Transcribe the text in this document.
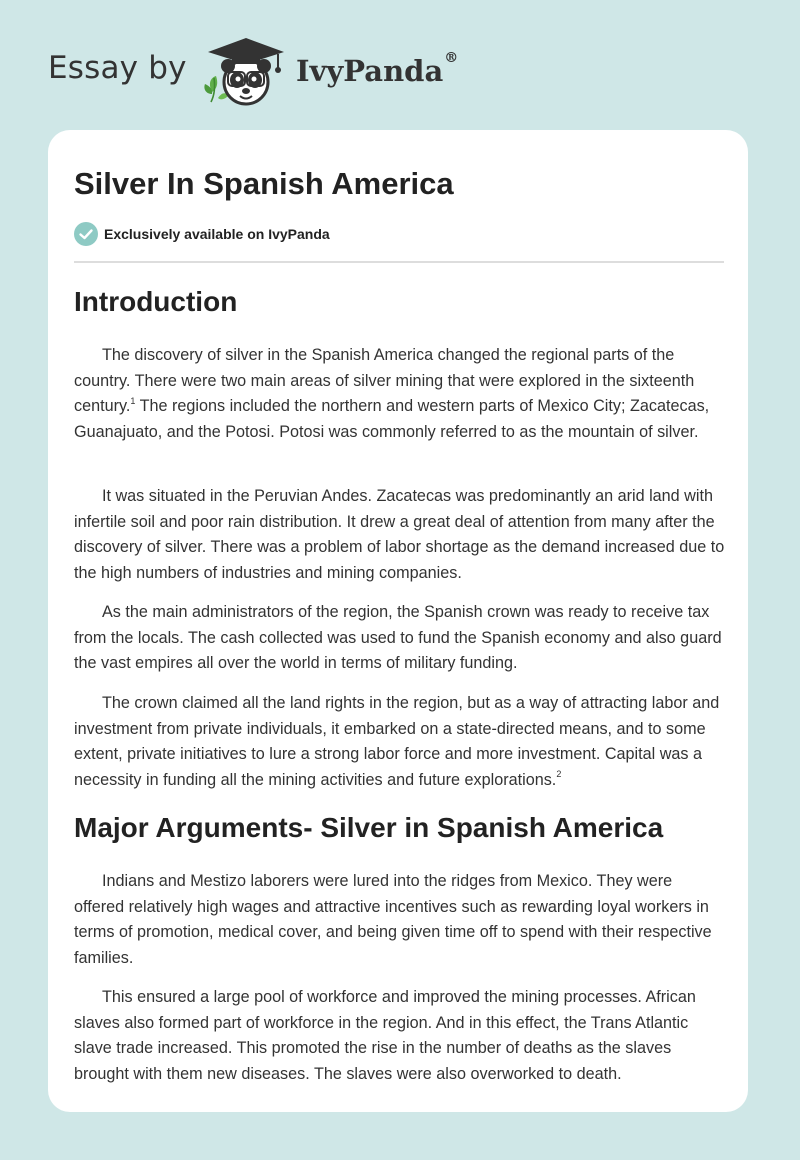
Essay by	IvyPanda®
Silver In Spanish America
Exclusively available on IvyPanda
Introduction

The discovery of silver in the Spanish America changed the regional parts of the country. There were two main areas of silver mining that were explored in the sixteenth century.$^1$ The regions included the northern and western parts of Mexico City; Zacatecas, Guanajuato, and the Potosi. Potosi was commonly referred to as the mountain of silver.

It was situated in the Peruvian Andes. Zacatecas was predominantly an arid land with infertile soil and poor rain distribution. It drew a great deal of attention from many after the discovery of silver. There was a problem of labor shortage as the demand increased due to the high numbers of industries and mining companies.

As the main administrators of the region, the Spanish crown was ready to receive tax from the locals. The cash collected was used to fund the Spanish economy and also guard the vast empires all over the world in terms of military funding.

The crown claimed all the land rights in the region, but as a way of attracting labor and investment from private individuals, it embarked on a state-directed means, and to some extent, private initiatives to lure a strong labor force and more investment. Capital was a necessity in funding all the mining activities and future explorations.$^2$

Major Arguments- Silver in Spanish America

Indians and Mestizo laborers were lured into the ridges from Mexico. They were offered relatively high wages and attractive incentives such as rewarding loyal workers in terms of promotion, medical cover, and being given time off to spend with their respective families.

This ensured a large pool of workforce and improved the mining processes. African slaves also formed part of workforce in the region. And in this effect, the Trans Atlantic slave trade increased. This promoted the rise in the number of deaths as the slaves brought with them new diseases. The slaves were also overworked to death.
